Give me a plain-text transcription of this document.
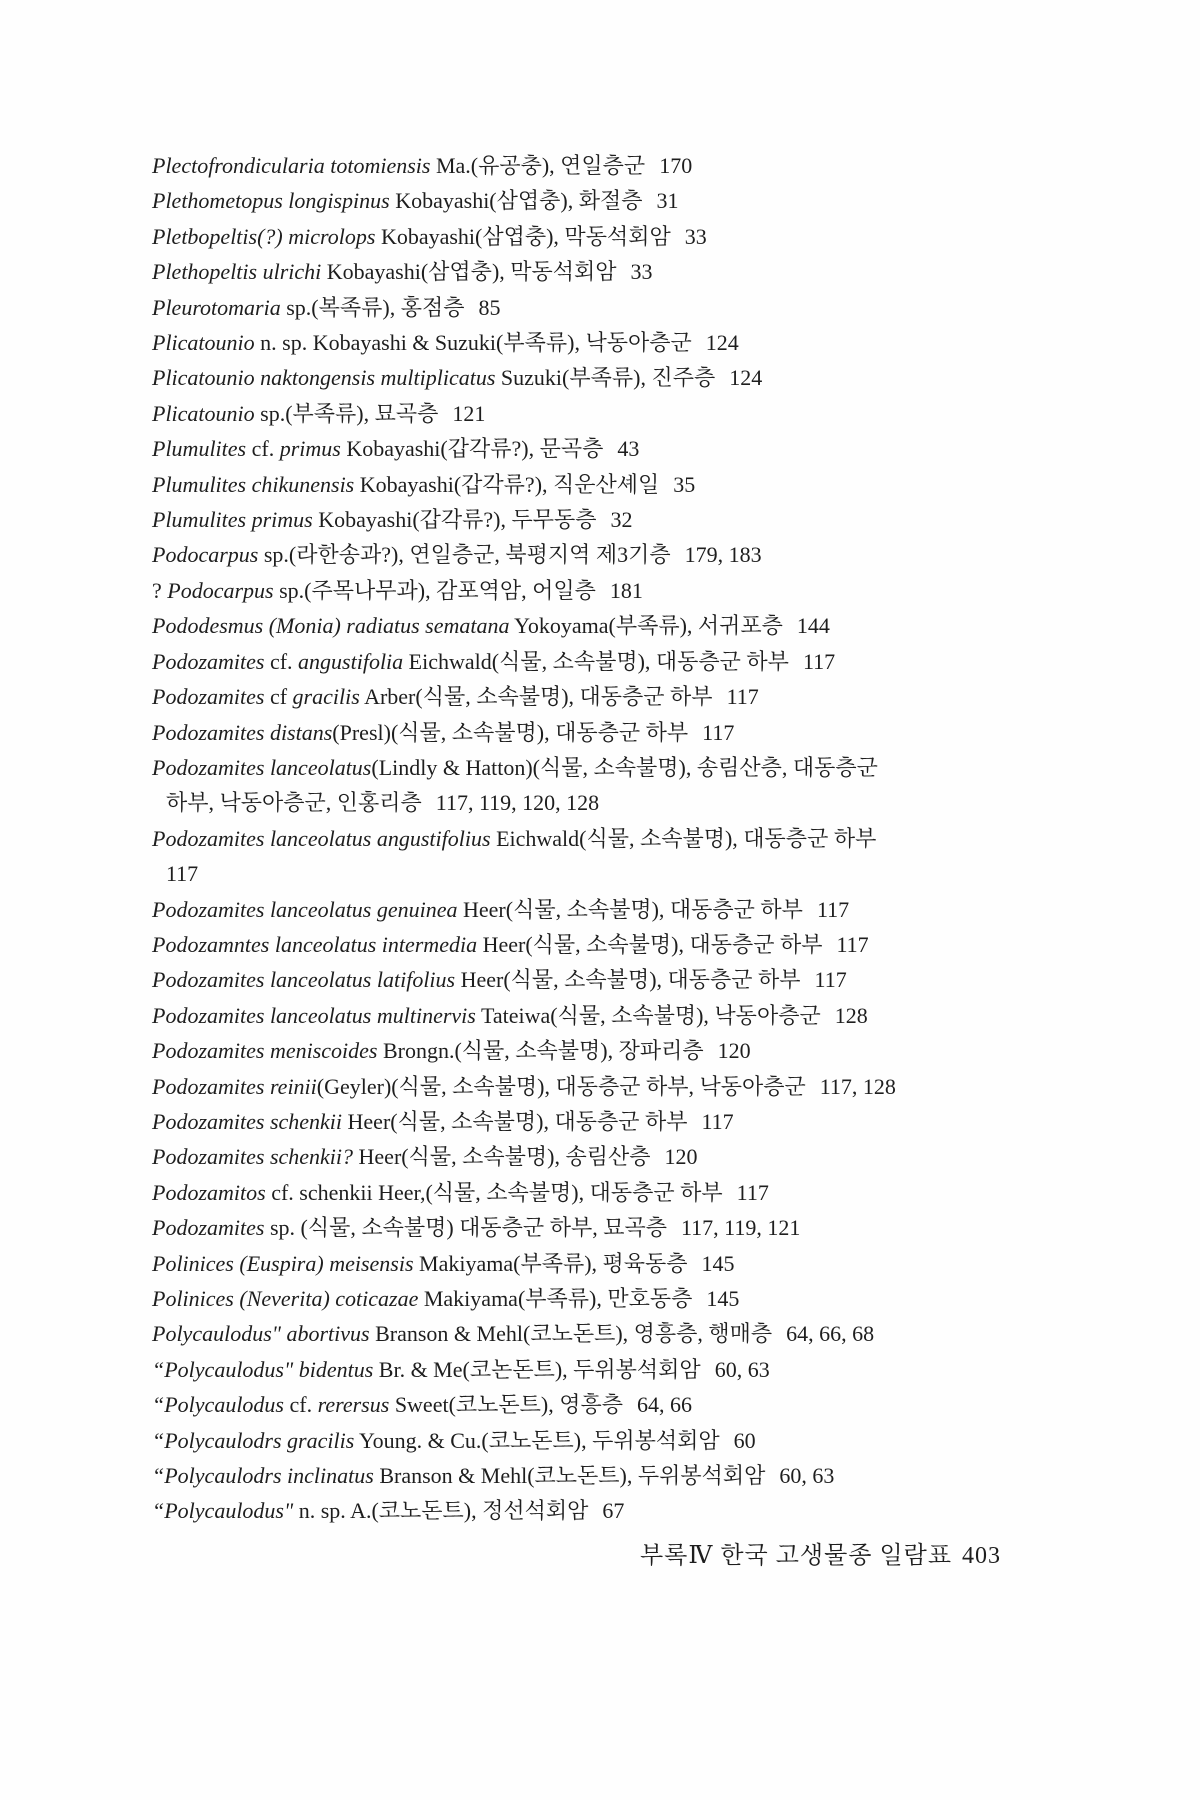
Plectofrondicularia totomiensis Ma.(유공충), 연일층군 170
Plethometopus longispinus Kobayashi(삼엽충), 화절층 31
Pletbopeltis(?) microlops Kobayashi(삼엽충), 막동석회암 33
Plethopeltis ulrichi Kobayashi(삼엽충), 막동석회암 33
Pleurotomaria sp.(복족류), 홍점층 85
Plicatounio n. sp. Kobayashi & Suzuki(부족류), 낙동아층군 124
Plicatounio naktongensis multiplicatus Suzuki(부족류), 진주층 124
Plicatounio sp.(부족류), 묘곡층 121
Plumulites cf. primus Kobayashi(갑각류?), 문곡층 43
Plumulites chikunensis Kobayashi(갑각류?), 직운산셰일 35
Plumulites primus Kobayashi(갑각류?), 두무동층 32
Podocarpus sp.(라한송과?), 연일층군, 북평지역 제3기층 179, 183
? Podocarpus sp.(주목나무과), 감포역암, 어일층 181
Pododesmus (Monia) radiatus sematana Yokoyama(부족류), 서귀포층 144
Podozamites cf. angustifolia Eichwald(식물, 소속불명), 대동층군 하부 117
Podozamites cf gracilis Arber(식물, 소속불명), 대동층군 하부 117
Podozamites distans(Presl)(식물, 소속불명), 대동층군 하부 117
Podozamites lanceolatus(Lindly & Hatton)(식물, 소속불명), 송림산층, 대동층군
하부, 낙동아층군, 인홍리층 117, 119, 120, 128
Podozamites lanceolatus angustifolius Eichwald(식물, 소속불명), 대동층군 하부
117
Podozamites lanceolatus genuinea Heer(식물, 소속불명), 대동층군 하부 117
Podozamntes lanceolatus intermedia Heer(식물, 소속불명), 대동층군 하부 117
Podozamites lanceolatus latifolius Heer(식물, 소속불명), 대동층군 하부 117
Podozamites lanceolatus multinervis Tateiwa(식물, 소속불명), 낙동아층군 128
Podozamites meniscoides Brongn.(식물, 소속불명), 장파리층 120
Podozamites reinii(Geyler)(식물, 소속불명), 대동층군 하부, 낙동아층군 117, 128
Podozamites schenkii Heer(식물, 소속불명), 대동층군 하부 117
Podozamites schenkii? Heer(식물, 소속불명), 송림산층 120
Podozamitos cf. schenkii Heer,(식물, 소속불명), 대동층군 하부 117
Podozamites sp. (식물, 소속불명) 대동층군 하부, 묘곡층 117, 119, 121
Polinices (Euspira) meisensis Makiyama(부족류), 평육동층 145
Polinices (Neverita) coticazae Makiyama(부족류), 만호동층 145
Polycaulodus" abortivus Branson & Mehl(코노돈트), 영흥층, 행매층 64, 66, 68
“Polycaulodus" bidentus Br. & Me(코논돈트), 두위봉석회암 60, 63
“Polycaulodus cf. rerersus Sweet(코노돈트), 영흥층 64, 66
“Polycaulodrs gracilis Young. & Cu.(코노돈트), 두위봉석회암 60
“Polycaulodrs inclinatus Branson & Mehl(코노돈트), 두위봉석회암 60, 63
“Polycaulodus" n. sp. A.(코노돈트), 정선석회암 67
부록Ⅳ 한국 고생물종 일람표 403
